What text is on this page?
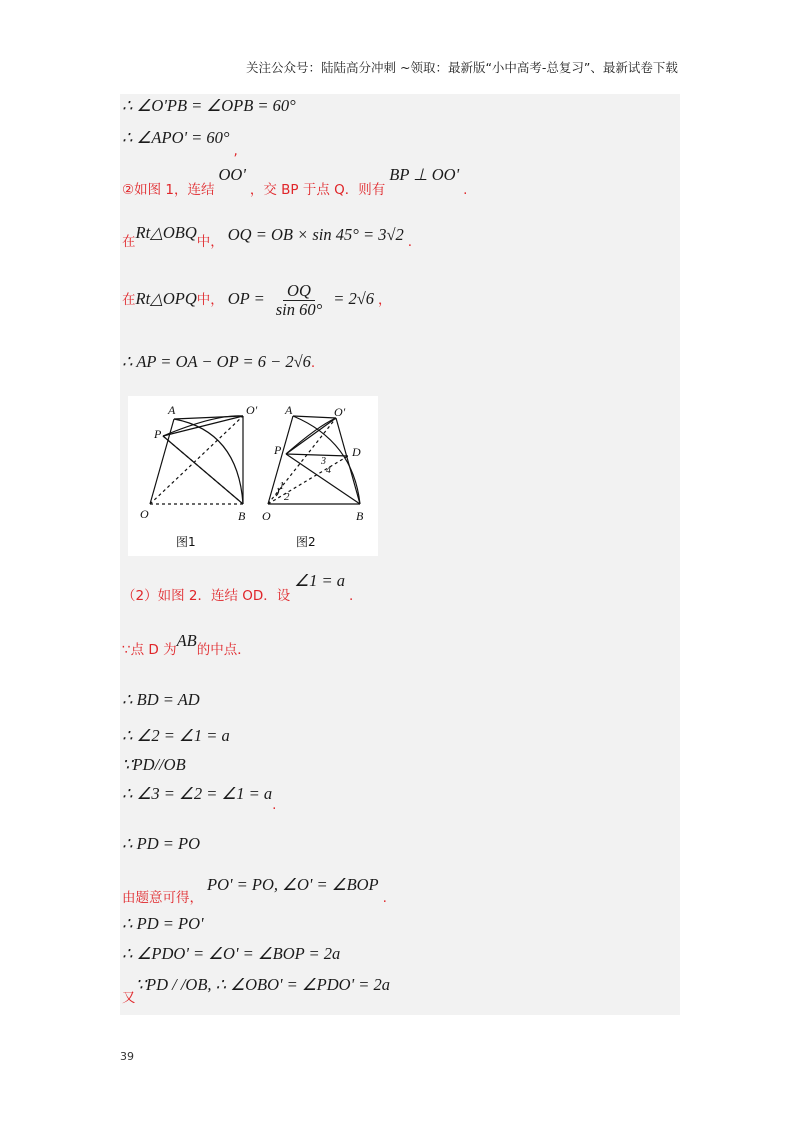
关注公众号：陆陆高分冲刺 ~领取：最新版“小中高考-总复习”、最新试卷下载
∴ ∠O'PB = ∠OPB = 60°
∴ ∠APO' = 60° $_,$
②如图 1，连结 OO' ，交 BP 于点 Q．则有 BP ⊥ OO' .
在Rt△OBQ中， OQ = OB × sin 45° = 3√2 .
在Rt△OPQ中， OP = $\frac{OQ}{\sin 60^\circ} = 2√6$ ，
∴ AP = OA − OP = 6 − 2√6.
A	O'
P
O	B
A	O'
P	D
O	B
1
2
3
4
图1	图2
（2）如图 2．连结 OD．设 ∠1 = a .
∵点 D 为AB的中点．
∴ BD = AD
∴ ∠2 = ∠1 = a
∵PD//OB
∴ ∠3 = ∠2 = ∠1 = $a_.$
∴ PD = PO
$_{由题意可得,}$ PO' = PO, ∠O' = ∠BOP $_.$
∴ PD = PO'
∴ ∠PDO' = ∠O' = ∠BOP = 2a
$_又$∵PD / /OB, ∴ ∠OBO' = ∠PDO' = 2a
39
